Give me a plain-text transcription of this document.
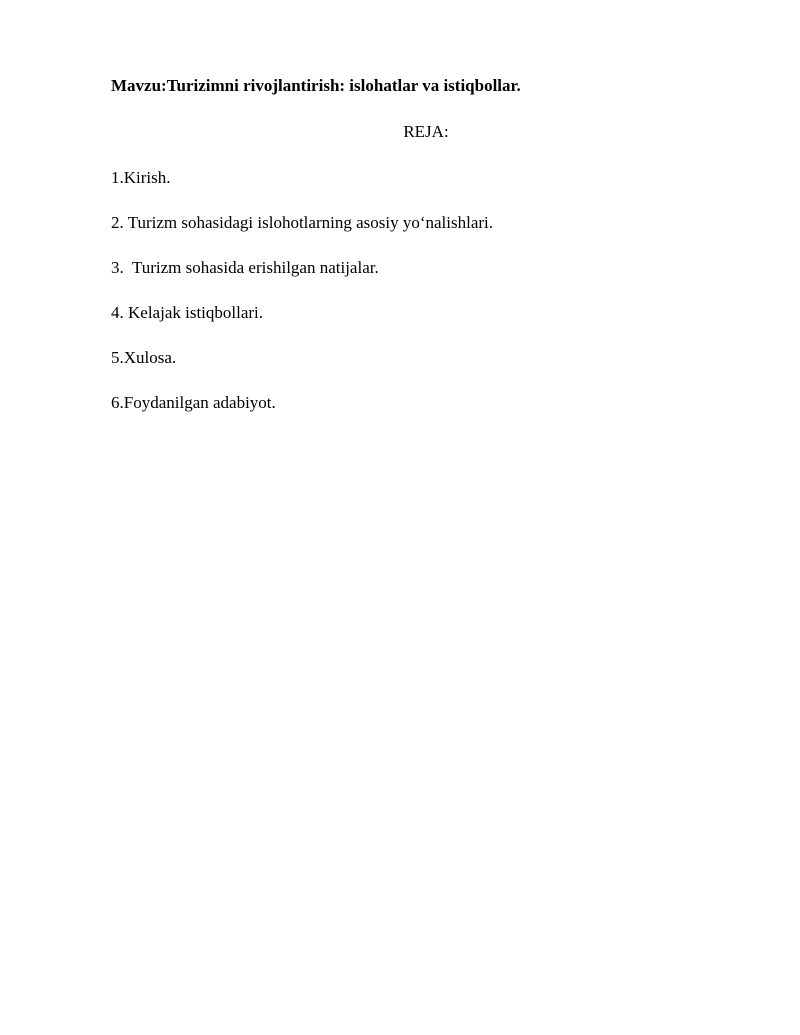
Mavzu:Turizimni rivojlantirish: islohatlar va istiqbollar.

REJA:

1.Kirish.
2. Turizm sohasidagi islohotlarning asosiy yo‘nalishlari.
3.  Turizm sohasida erishilgan natijalar.
4. Kelajak istiqbollari.
5.Xulosa.
6.Foydanilgan adabiyot.
